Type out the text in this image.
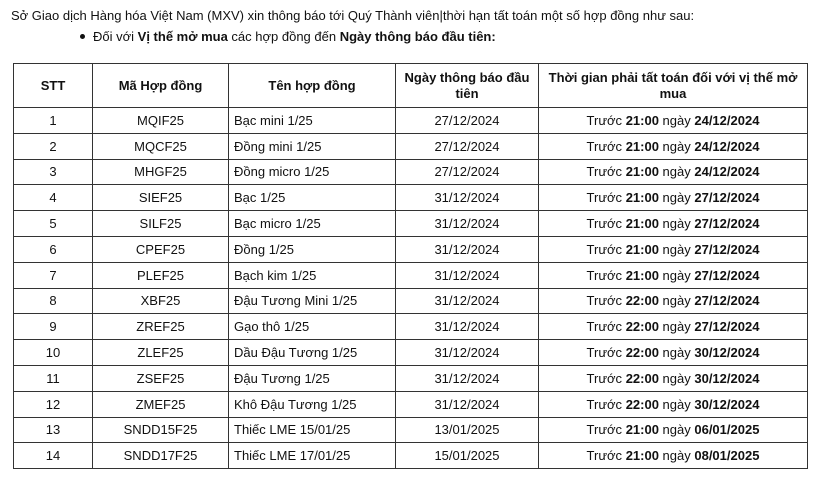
Sở Giao dịch Hàng hóa Việt Nam (MXV) xin thông báo tới Quý Thành viên|thời hạn tất toán một số hợp đồng như sau:
Đối với Vị thế mở mua các hợp đồng đến Ngày thông báo đầu tiên:
STT	Mã Hợp đồng	Tên hợp đồng	Ngày thông báo đầu tiên	Thời gian phải tất toán đối với vị thế mở mua
1	MQIF25	Bạc mini 1/25	27/12/2024	Trước 21:00 ngày 24/12/2024
2	MQCF25	Đồng mini 1/25	27/12/2024	Trước 21:00 ngày 24/12/2024
3	MHGF25	Đồng micro 1/25	27/12/2024	Trước 21:00 ngày 24/12/2024
4	SIEF25	Bạc 1/25	31/12/2024	Trước 21:00 ngày 27/12/2024
5	SILF25	Bạc micro 1/25	31/12/2024	Trước 21:00 ngày 27/12/2024
6	CPEF25	Đồng 1/25	31/12/2024	Trước 21:00 ngày 27/12/2024
7	PLEF25	Bạch kim 1/25	31/12/2024	Trước 21:00 ngày 27/12/2024
8	XBF25	Đậu Tương Mini 1/25	31/12/2024	Trước 22:00 ngày 27/12/2024
9	ZREF25	Gạo thô 1/25	31/12/2024	Trước 22:00 ngày 27/12/2024
10	ZLEF25	Dầu Đậu Tương 1/25	31/12/2024	Trước 22:00 ngày 30/12/2024
11	ZSEF25	Đậu Tương 1/25	31/12/2024	Trước 22:00 ngày 30/12/2024
12	ZMEF25	Khô Đậu Tương 1/25	31/12/2024	Trước 22:00 ngày 30/12/2024
13	SNDD15F25	Thiếc LME 15/01/25	13/01/2025	Trước 21:00 ngày 06/01/2025
14	SNDD17F25	Thiếc LME 17/01/25	15/01/2025	Trước 21:00 ngày 08/01/2025
